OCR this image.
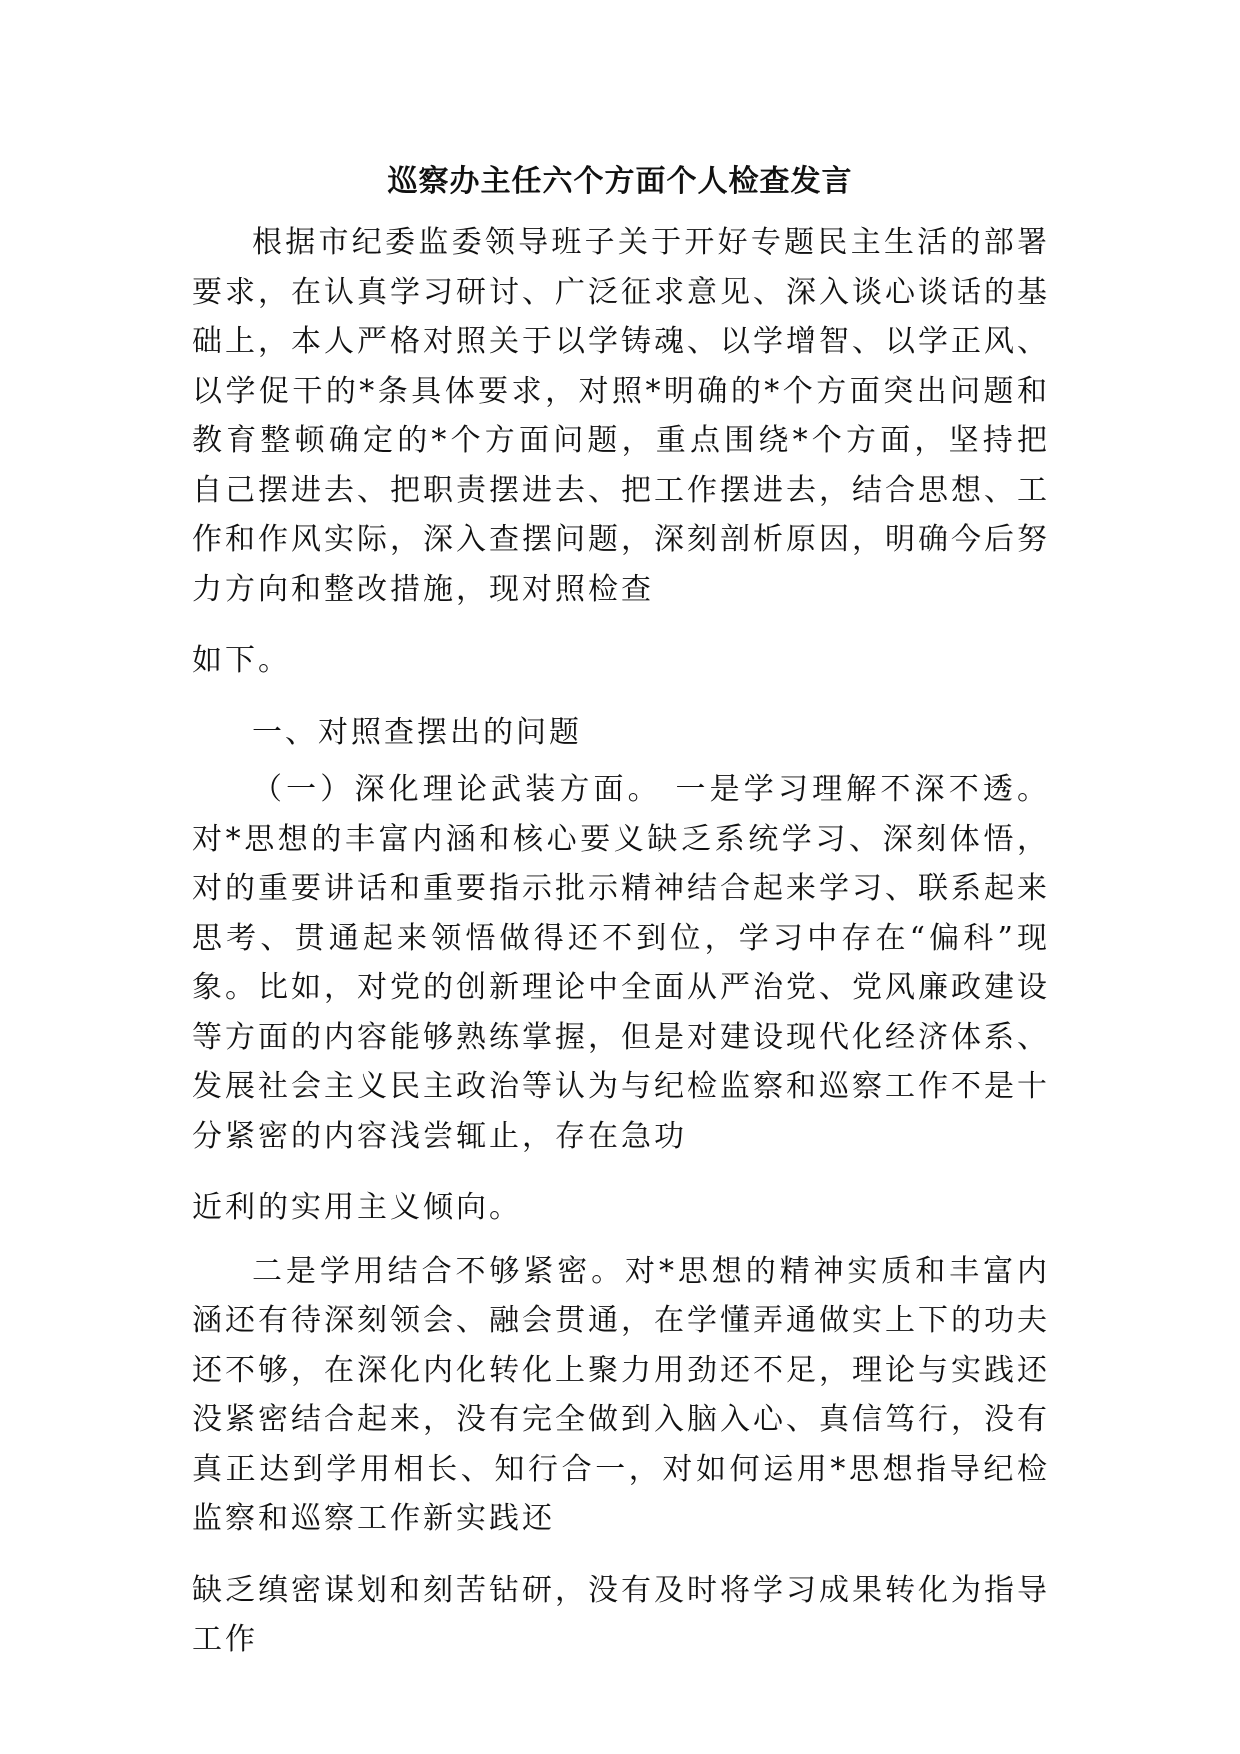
巡察办主任六个方面个人检查发言

根据市纪委监委领导班子关于开好专题民主生活的部署要求，在认真学习研讨、广泛征求意见、深入谈心谈话的基础上，本人严格对照关于以学铸魂、以学增智、以学正风、以学促干的*条具体要求，对照*明确的*个方面突出问题和教育整顿确定的*个方面问题，重点围绕*个方面，坚持把自己摆进去、把职责摆进去、把工作摆进去，结合思想、工作和作风实际，深入查摆问题，深刻剖析原因，明确今后努力方向和整改措施，现对照检查

如下。

一、对照查摆出的问题

（一）深化理论武装方面。 一是学习理解不深不透。对*思想的丰富内涵和核心要义缺乏系统学习、深刻体悟，对的重要讲话和重要指示批示精神结合起来学习、联系起来思考、贯通起来领悟做得还不到位，学习中存在“偏科”现象。比如，对党的创新理论中全面从严治党、党风廉政建设等方面的内容能够熟练掌握，但是对建设现代化经济体系、发展社会主义民主政治等认为与纪检监察和巡察工作不是十分紧密的内容浅尝辄止，存在急功

近利的实用主义倾向。

二是学用结合不够紧密。对*思想的精神实质和丰富内涵还有待深刻领会、融会贯通，在学懂弄通做实上下的功夫还不够，在深化内化转化上聚力用劲还不足，理论与实践还没紧密结合起来，没有完全做到入脑入心、真信笃行，没有真正达到学用相长、知行合一，对如何运用*思想指导纪检监察和巡察工作新实践还

缺乏缜密谋划和刻苦钻研，没有及时将学习成果转化为指导工作
